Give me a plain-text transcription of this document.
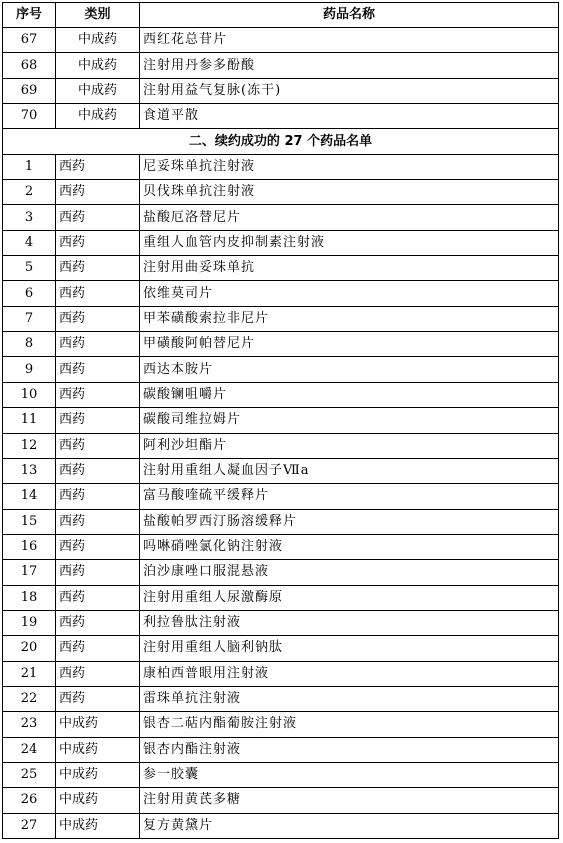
序号	类别	药品名称
67	中成药	西红花总苷片
68	中成药	注射用丹参多酚酸
69	中成药	注射用益气复脉(冻干)
70	中成药	食道平散
二、续约成功的 27 个药品名单		
1	西药	尼妥珠单抗注射液
2	西药	贝伐珠单抗注射液
3	西药	盐酸厄洛替尼片
4	西药	重组人血管内皮抑制素注射液
5	西药	注射用曲妥珠单抗
6	西药	依维莫司片
7	西药	甲苯磺酸索拉非尼片
8	西药	甲磺酸阿帕替尼片
9	西药	西达本胺片
10	西药	碳酸镧咀嚼片
11	西药	碳酸司维拉姆片
12	西药	阿利沙坦酯片
13	西药	注射用重组人凝血因子Ⅶa
14	西药	富马酸喹硫平缓释片
15	西药	盐酸帕罗西汀肠溶缓释片
16	西药	吗啉硝唑氯化钠注射液
17	西药	泊沙康唑口服混悬液
18	西药	注射用重组人尿激酶原
19	西药	利拉鲁肽注射液
20	西药	注射用重组人脑利钠肽
21	西药	康柏西普眼用注射液
22	西药	雷珠单抗注射液
23	中成药	银杏二萜内酯葡胺注射液
24	中成药	银杏内酯注射液
25	中成药	参一胶囊
26	中成药	注射用黄芪多糖
27	中成药	复方黄黛片
